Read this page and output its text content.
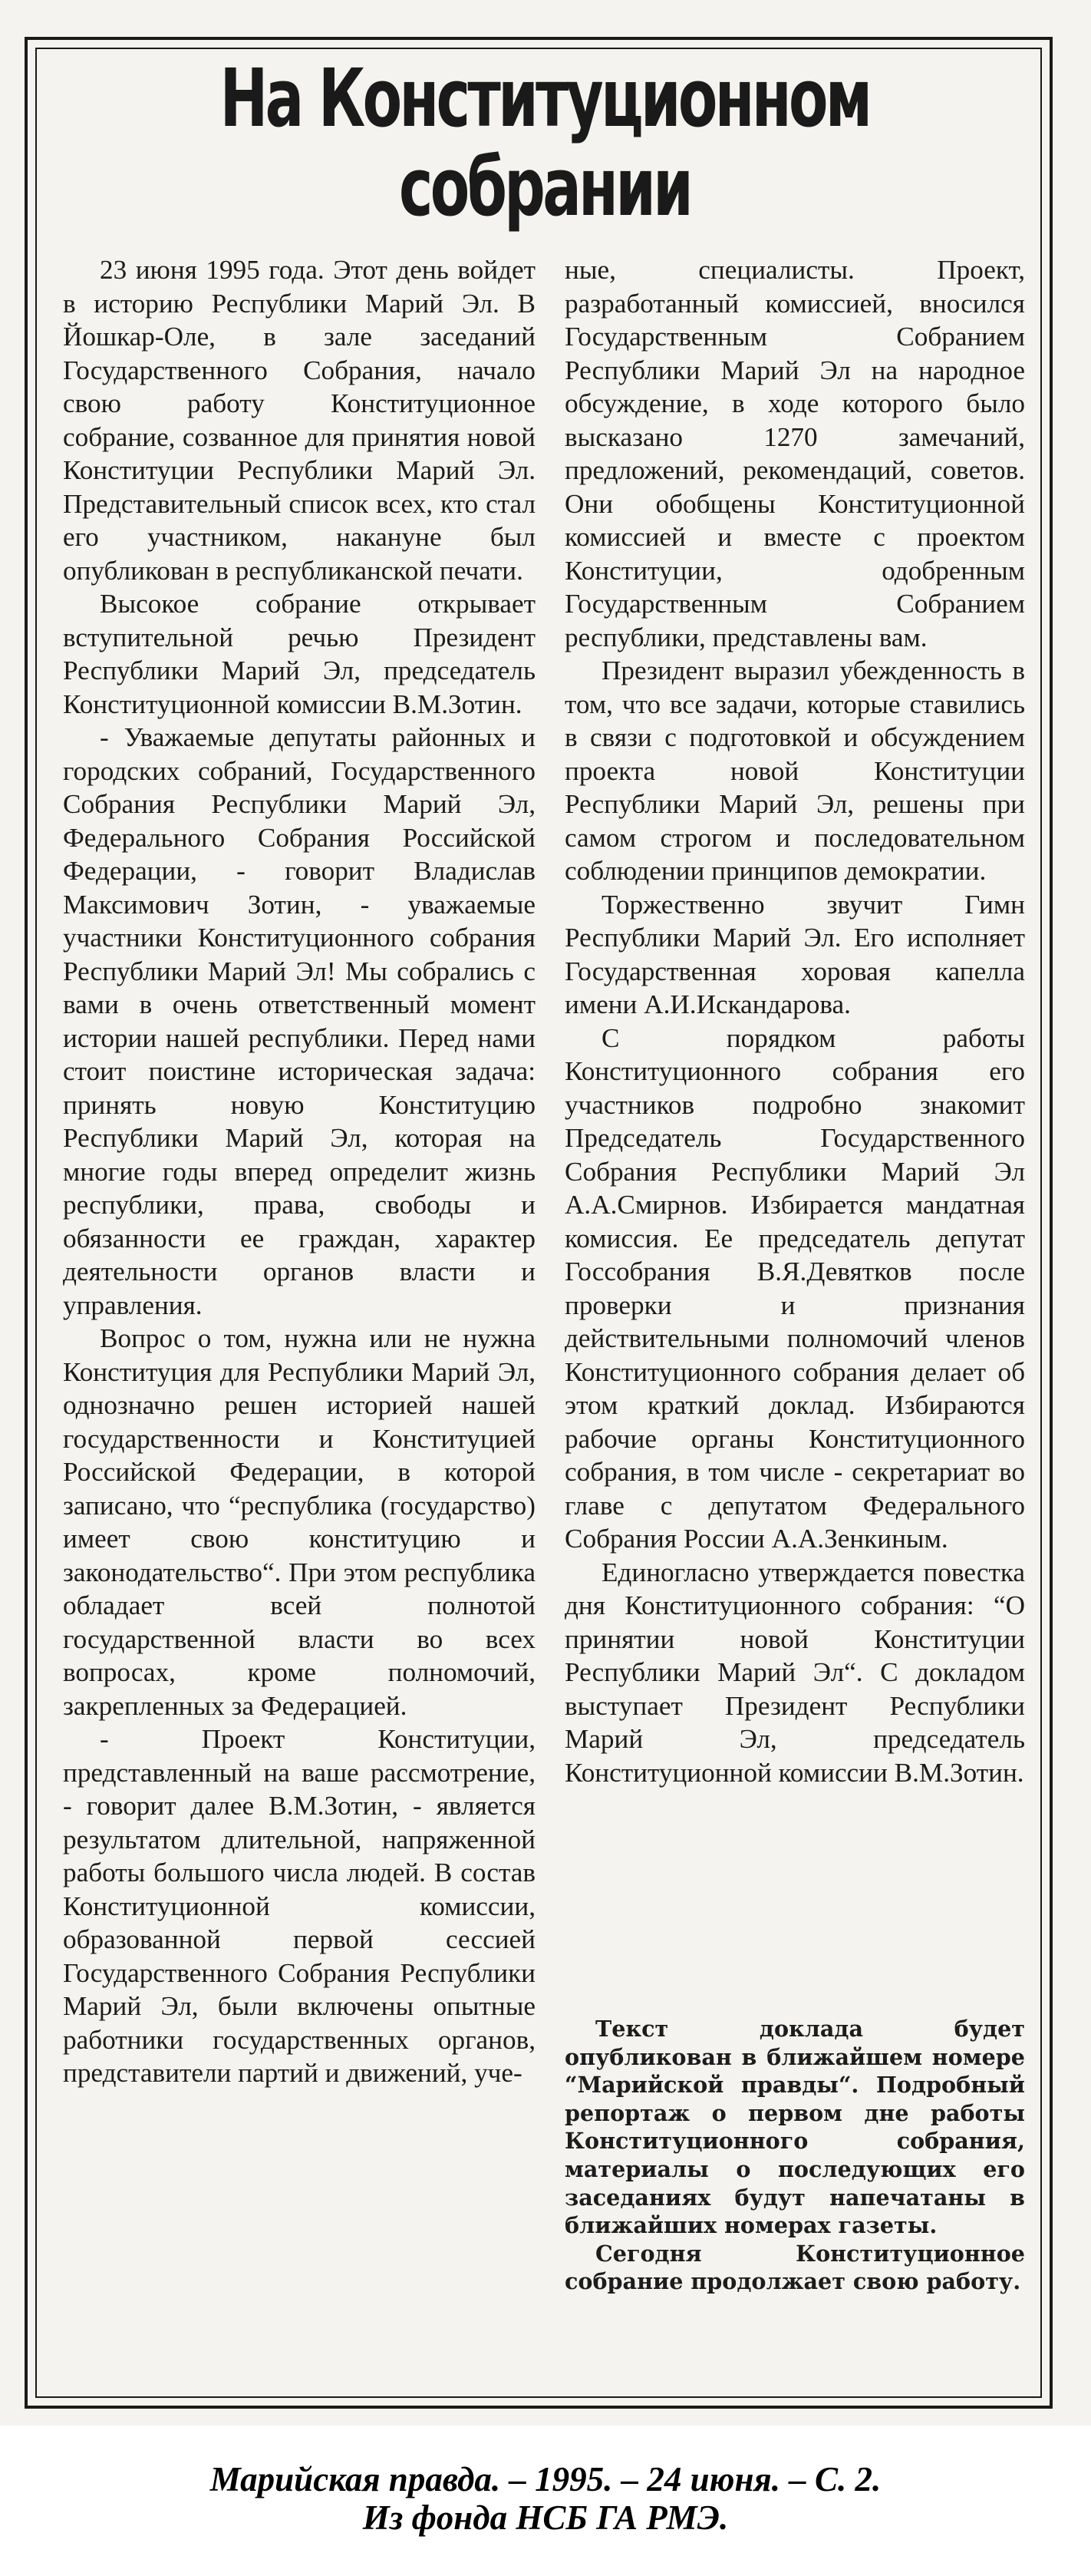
На Конституционном
собрании

23 июня 1995 года. Этот день войдет в историю Республики Марий Эл. В Йошкар-Оле, в зале заседаний Государственного Собрания, начало свою работу Конституционное собрание, созванное для принятия новой Конституции Республики Марий Эл. Представительный список всех, кто стал его участником, накануне был опубликован в республиканской печати.

Высокое собрание открывает вступительной речью Президент Республики Марий Эл, председатель Конституционной комиссии В.М.Зотин.

- Уважаемые депутаты районных и городских собраний, Государственного Собрания Республики Марий Эл, Федерального Собрания Российской Федерации, - говорит Владислав Максимович Зотин, - уважаемые участники Конституционного собрания Республики Марий Эл! Мы собрались с вами в очень ответственный момент истории нашей республики. Перед нами стоит поистине историческая задача: принять новую Конституцию Республики Марий Эл, которая на многие годы вперед определит жизнь республики, права, свободы и обязанности ее граждан, характер деятельности органов власти и управления.

Вопрос о том, нужна или не нужна Конституция для Республики Марий Эл, однозначно решен историей нашей государственности и Конституцией Российской Федерации, в которой записано, что “республика (государство) имеет свою конституцию и законодательство“. При этом республика обладает всей полнотой государственной власти во всех вопросах, кроме полномочий, закрепленных за Федерацией.

- Проект Конституции, представленный на ваше рассмотрение, - говорит далее В.М.Зотин, - является результатом длительной, напряженной работы большого числа людей. В состав Конституционной комиссии, образованной первой сессией Государственного Собрания Республики Марий Эл, были включены опытные работники государственных органов, представители партий и движений, уче-

ные, специалисты. Проект, разработанный комиссией, вносился Государственным Собранием Республики Марий Эл на народное обсуждение, в ходе которого было высказано 1270 замечаний, предложений, рекомендаций, советов. Они обобщены Конституционной комиссией и вместе с проектом Конституции, одобренным Государственным Собранием республики, представлены вам.

Президент выразил убежденность в том, что все задачи, которые ставились в связи с подготовкой и обсуждением проекта новой Конституции Республики Марий Эл, решены при самом строгом и последовательном соблюдении принципов демократии.

Торжественно звучит Гимн Республики Марий Эл. Его исполняет Государственная хоровая капелла имени А.И.Искандарова.

С порядком работы Конституционного собрания его участников подробно знакомит Председатель Государственного Собрания Республики Марий Эл А.А.Смирнов. Избирается мандатная комиссия. Ее председатель депутат Госсобрания В.Я.Девятков после проверки и признания действительными полномочий членов Конституционного собрания делает об этом краткий доклад. Избираются рабочие органы Конституционного собрания, в том числе - секретариат во главе с депутатом Федерального Собрания России А.А.Зенкиным.

Единогласно утверждается повестка дня Конституционного собрания: “О принятии новой Конституции Республики Марий Эл“. С докладом выступает Президент Республики Марий Эл, председатель Конституционной комиссии В.М.Зотин.

Текст доклада будет опубликован в ближайшем номере “Марийской правды“. Подробный репортаж о первом дне работы Конституционного собрания, материалы о последующих его заседаниях будут напечатаны в ближайших номерах газеты.

Сегодня Конституционное собрание продолжает свою работу.

Марийская правда. – 1995. – 24 июня. – С. 2.
Из фонда НСБ ГА РМЭ.
